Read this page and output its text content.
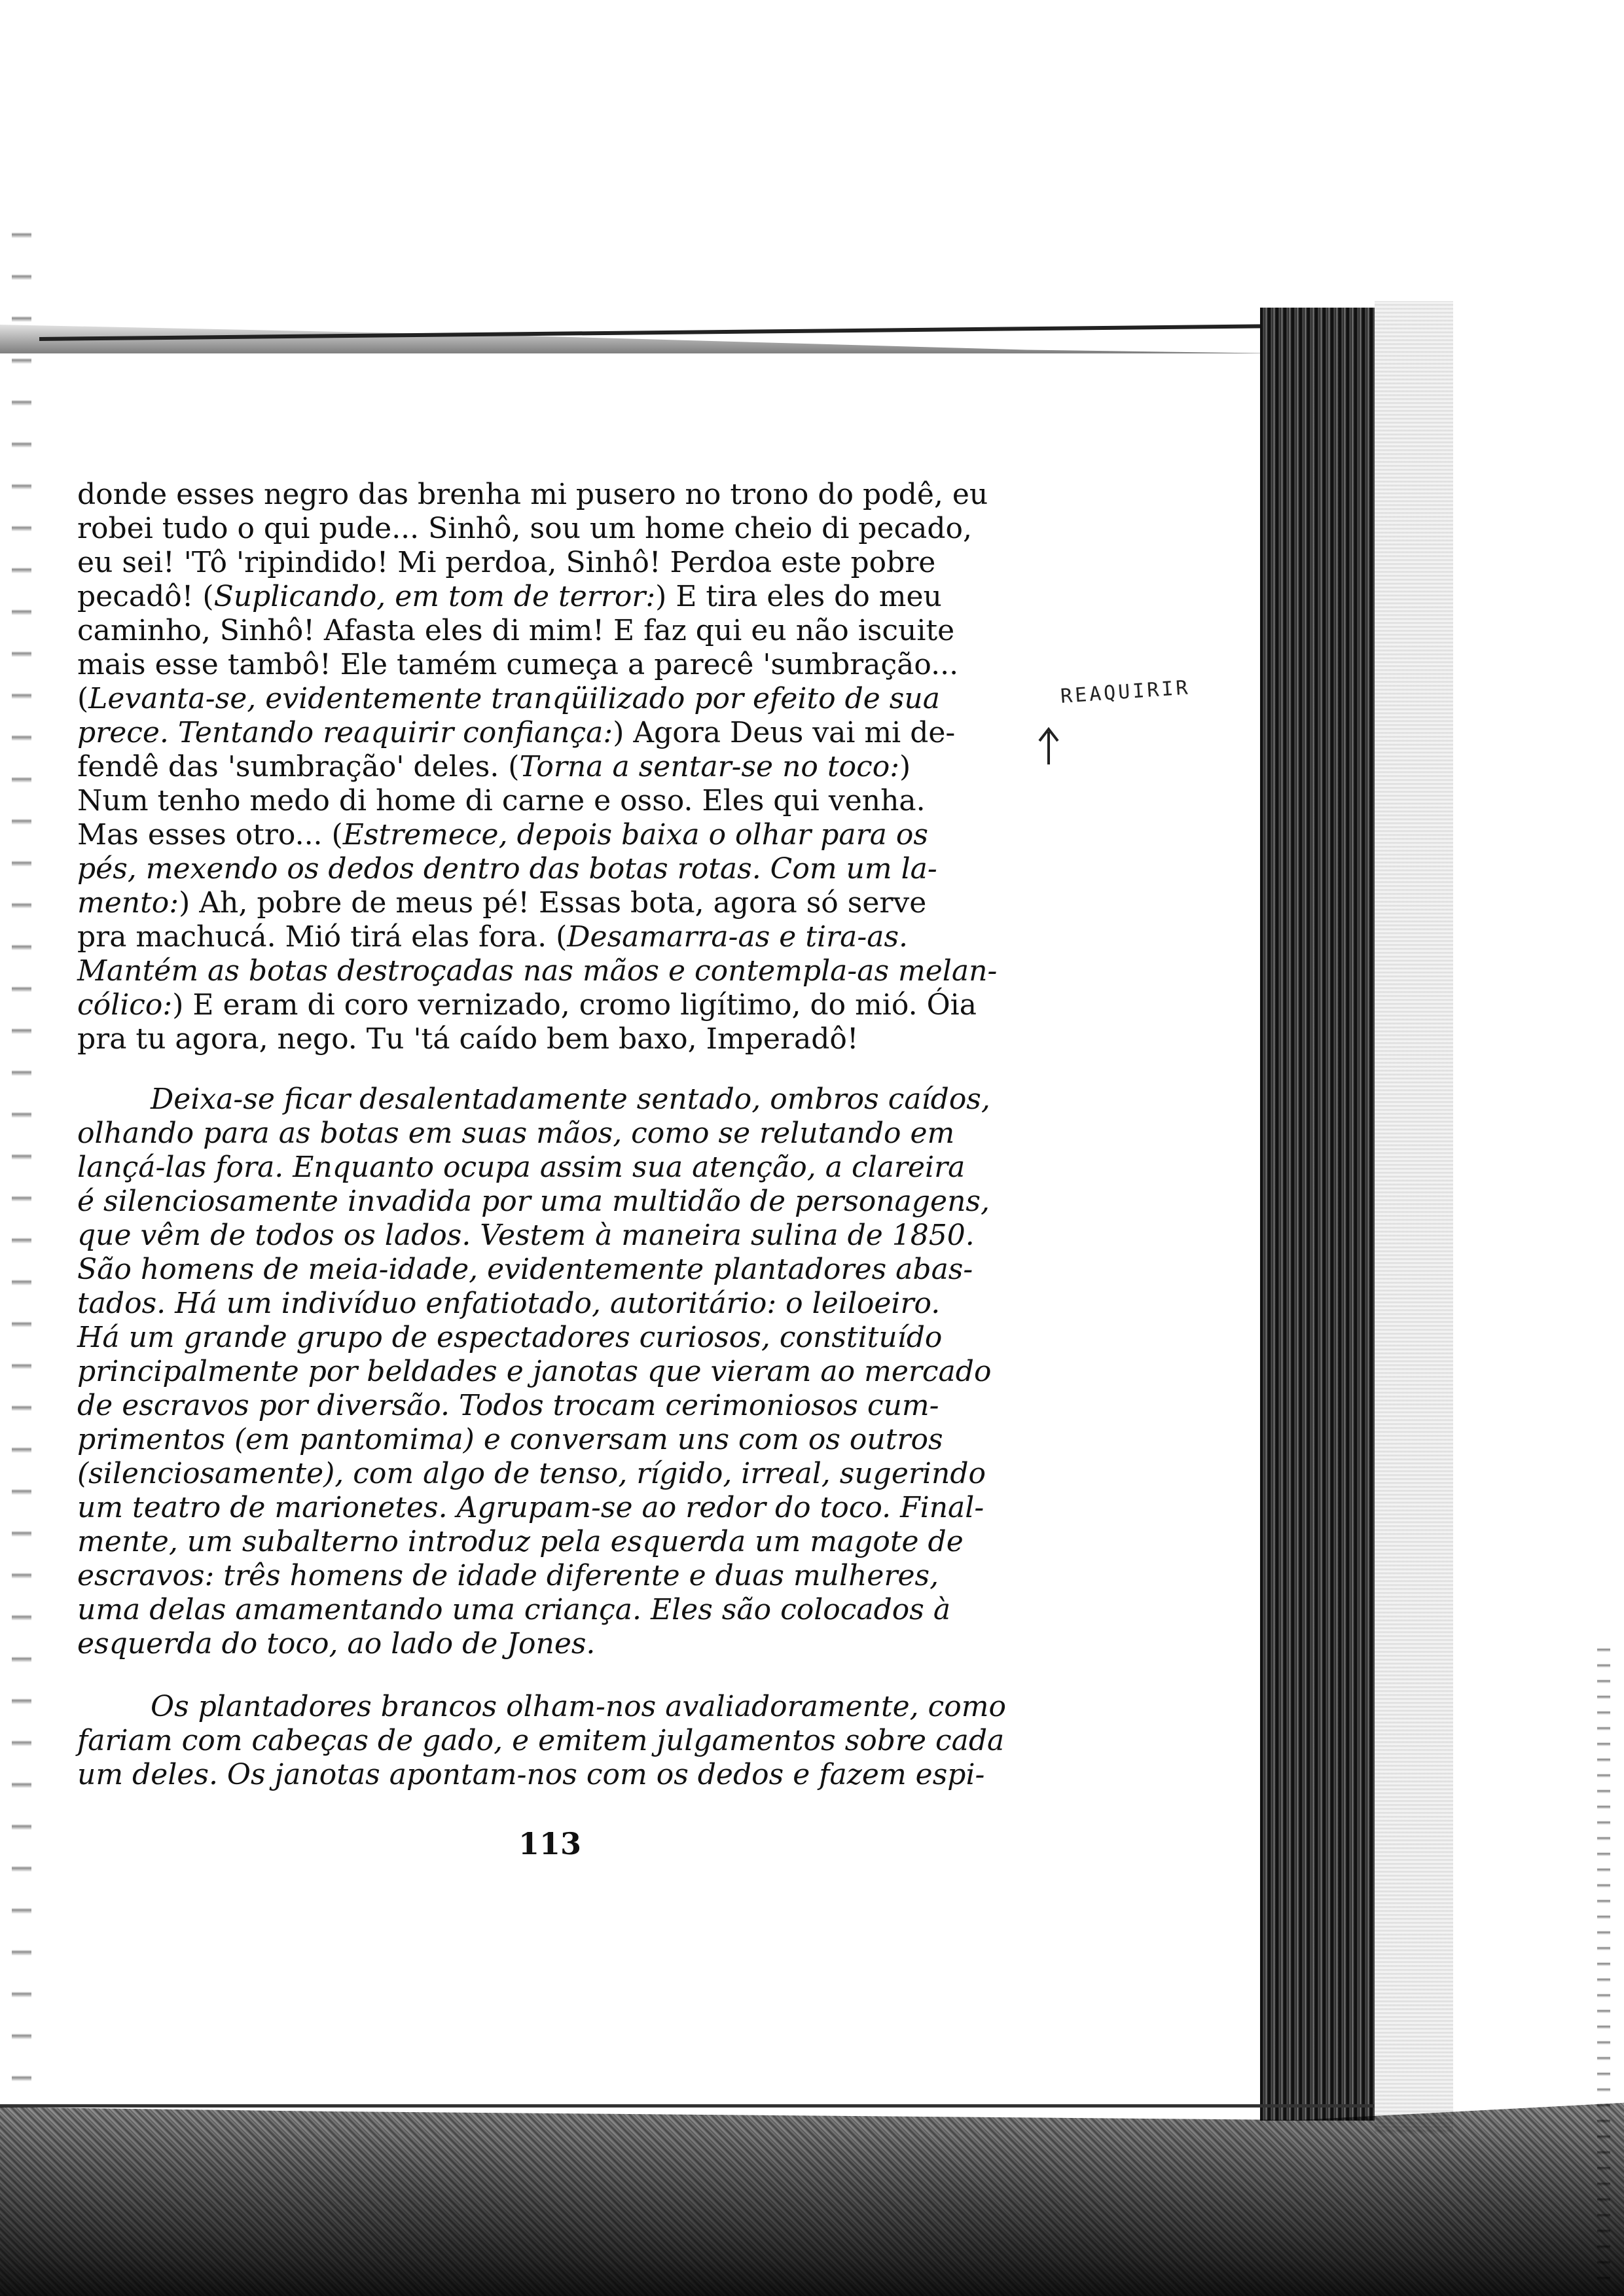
donde esses negro das brenha mi pusero no trono do podê, eu
robei tudo o qui pude... Sinhô, sou um home cheio di pecado,
eu sei! 'Tô 'ripindido! Mi perdoa, Sinhô! Perdoa este pobre
pecadô! (Suplicando, em tom de terror:) E tira eles do meu
caminho, Sinhô! Afasta eles di mim! E faz qui eu não iscuite
mais esse tambô! Ele tamém cumeça a parecê 'sumbração...
(Levanta-se, evidentemente tranqüilizado por efeito de sua
prece. Tentando reaquirir confiança:) Agora Deus vai mi de-
fendê das 'sumbração' deles. (Torna a sentar-se no toco:)
Num tenho medo di home di carne e osso. Eles qui venha.
Mas esses otro... (Estremece, depois baixa o olhar para os
pés, mexendo os dedos dentro das botas rotas. Com um la-
mento:) Ah, pobre de meus pé! Essas bota, agora só serve
pra machucá. Mió tirá elas fora. (Desamarra-as e tira-as.
Mantém as botas destroçadas nas mãos e contempla-as melan-
cólico:) E eram di coro vernizado, cromo ligítimo, do mió. Óia
pra tu agora, nego. Tu 'tá caído bem baxo, Imperadô!

Deixa-se ficar desalentadamente sentado, ombros caídos,
olhando para as botas em suas mãos, como se relutando em
lançá-las fora. Enquanto ocupa assim sua atenção, a clareira
é silenciosamente invadida por uma multidão de personagens,
que vêm de todos os lados. Vestem à maneira sulina de 1850.
São homens de meia-idade, evidentemente plantadores abas-
tados. Há um indivíduo enfatiotado, autoritário: o leiloeiro.
Há um grande grupo de espectadores curiosos, constituído
principalmente por beldades e janotas que vieram ao mercado
de escravos por diversão. Todos trocam cerimoniosos cum-
primentos (em pantomima) e conversam uns com os outros
(silenciosamente), com algo de tenso, rígido, irreal, sugerindo
um teatro de marionetes. Agrupam-se ao redor do toco. Final-
mente, um subalterno introduz pela esquerda um magote de
escravos: três homens de idade diferente e duas mulheres,
uma delas amamentando uma criança. Eles são colocados à
esquerda do toco, ao lado de Jones.

Os plantadores brancos olham-nos avaliadoramente, como
fariam com cabeças de gado, e emitem julgamentos sobre cada
um deles. Os janotas apontam-nos com os dedos e fazem espi-

REAQUIRIR
113
